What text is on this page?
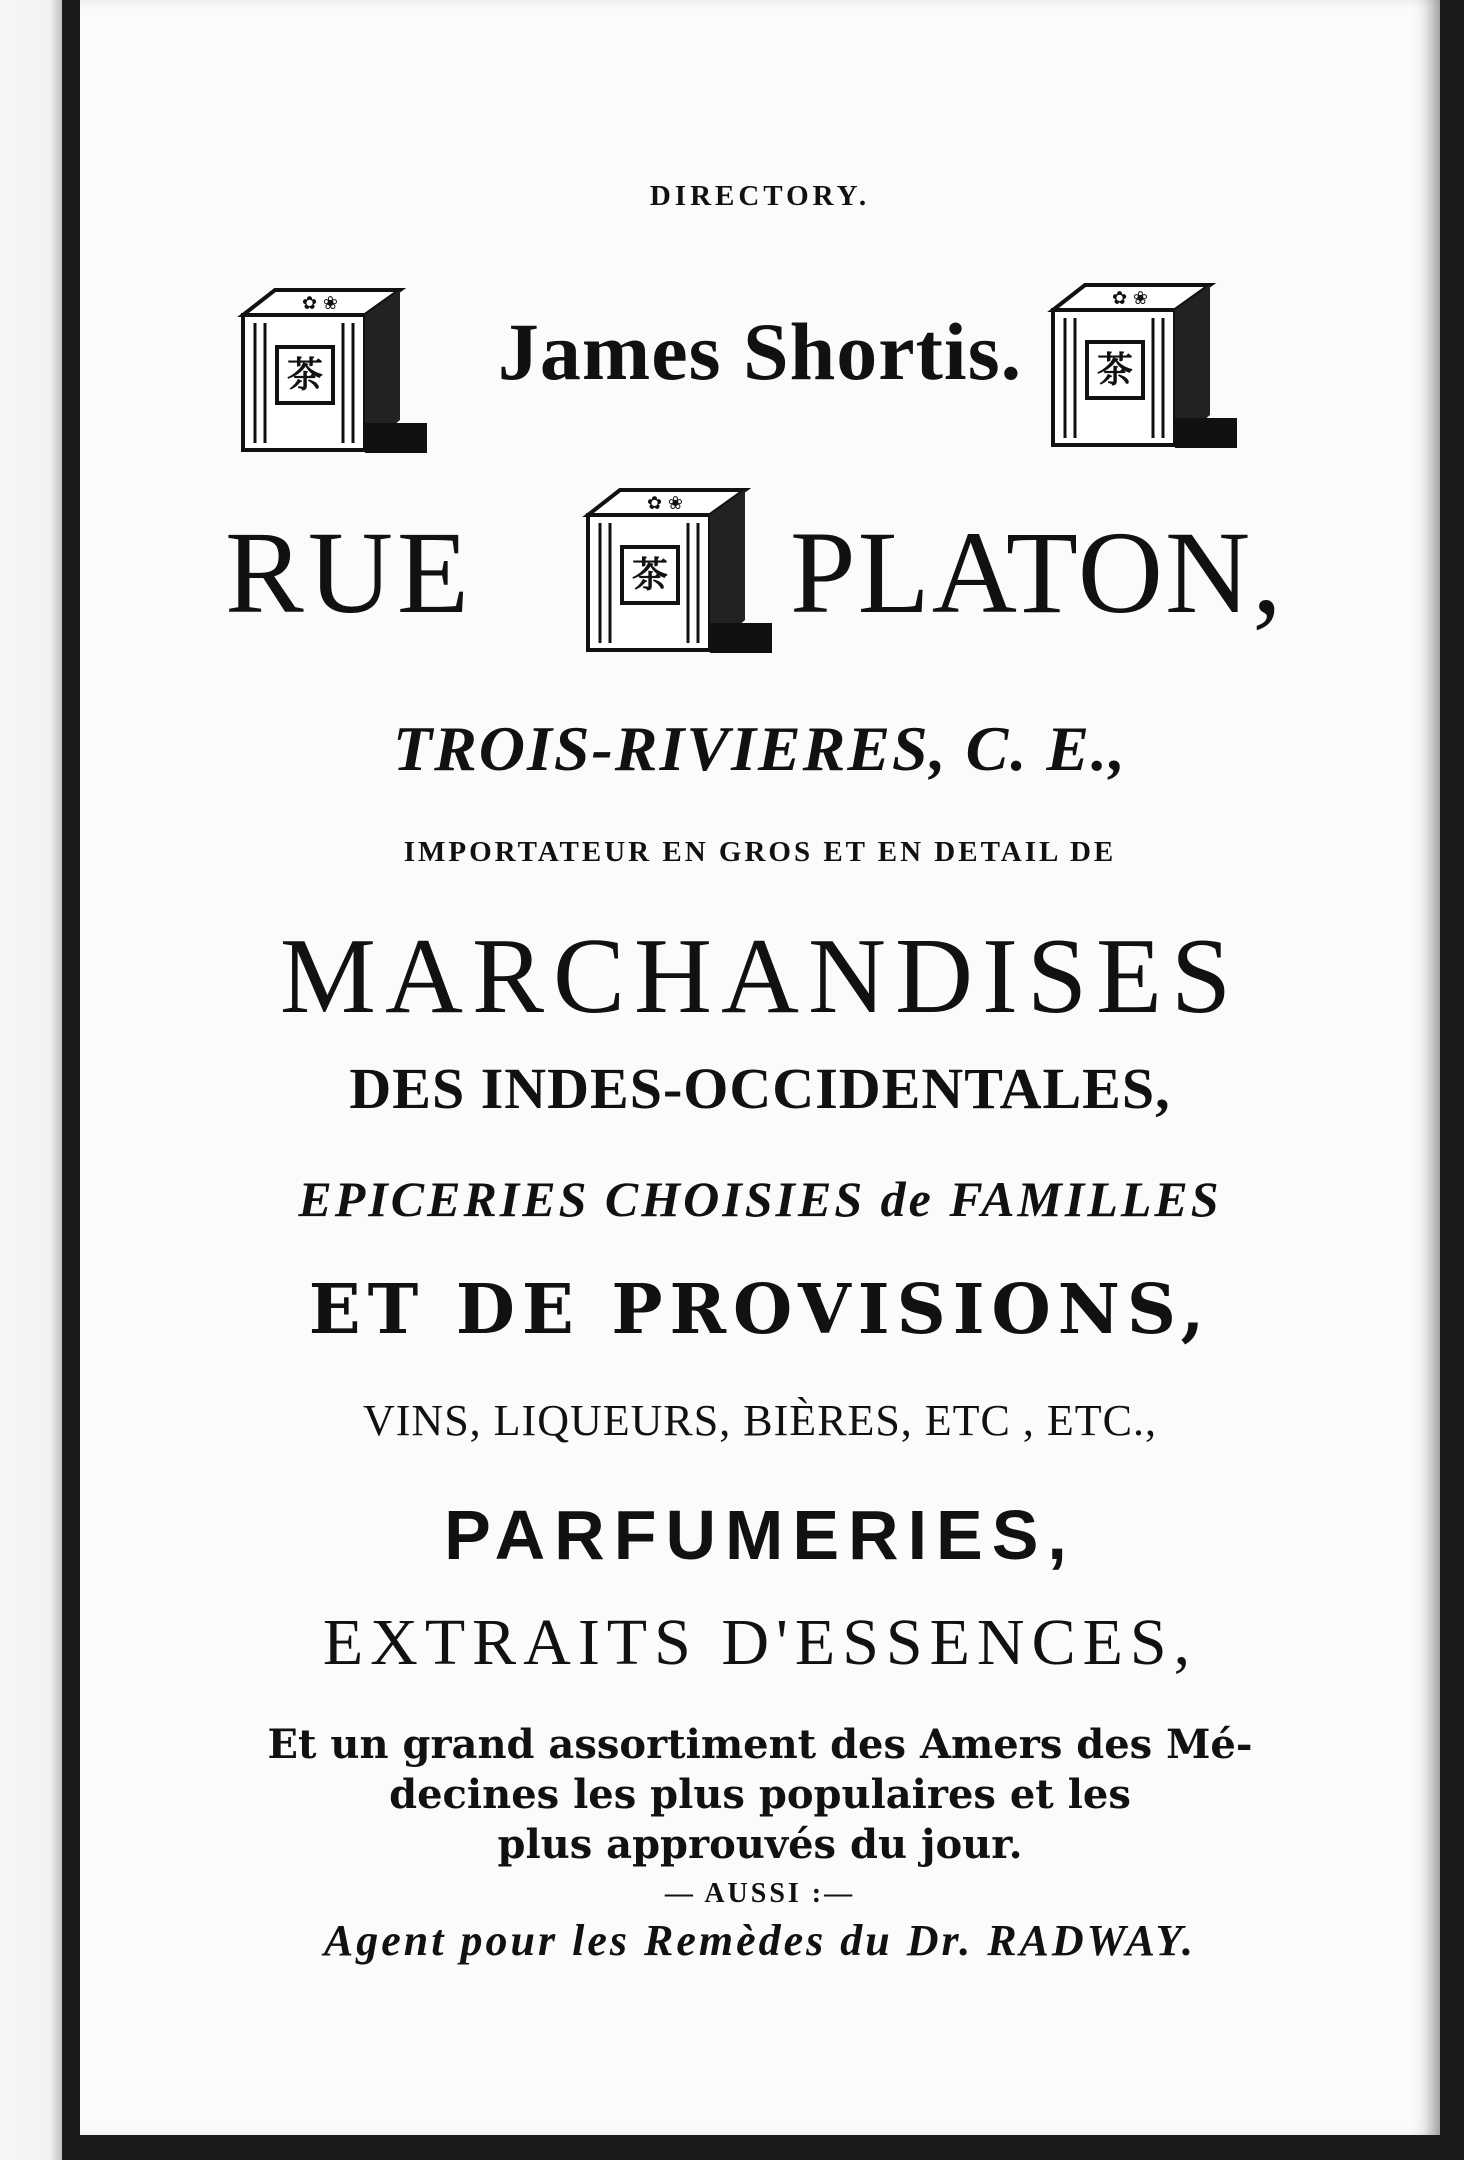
DIRECTORY.
茶
✿ ❀
茶
✿ ❀
茶
✿ ❀
James Shortis.
RUE	PLATON,
TROIS-RIVIERES, C. E.,
IMPORTATEUR EN GROS ET EN DETAIL DE
MARCHANDISES
DES INDES-OCCIDENTALES,
EPICERIES CHOISIES de FAMILLES
ET DE PROVISIONS,
VINS, LIQUEURS, BIÈRES, ETC , ETC.,
PARFUMERIES,
EXTRAITS D'ESSENCES,
Et un grand assortiment des Amers des Mé-
decines les plus populaires et les
plus approuvés du jour.
— AUSSI :—
Agent pour les Remèdes du Dr. RADWAY.
